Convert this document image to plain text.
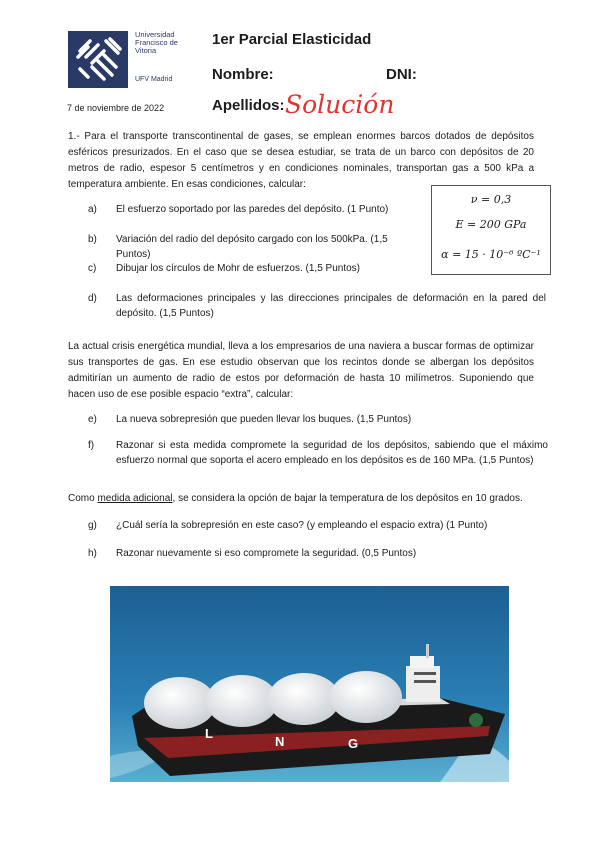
Universidad Francisco de Vitoria
UFV Madrid
1er Parcial Elasticidad
Nombre:	DNI:
Apellidos: Solución
7 de noviembre de 2022
1.- Para el transporte transcontinental de gases, se emplean enormes barcos dotados de depósitos esféricos presurizados. En el caso que se desea estudiar, se trata de un barco con depósitos de 20 metros de radio, espesor 5 centímetros y en condiciones nominales, transportan gas a 500 kPa a temperatura ambiente. En esas condiciones, calcular:
a) El esfuerzo soportado por las paredes del depósito. (1 Punto)
b) Variación del radio del depósito cargado con los 500kPa. (1,5 Puntos)
c) Dibujar los círculos de Mohr de esfuerzos. (1,5 Puntos)
d) Las deformaciones principales y las direcciones principales de deformación en la pared del depósito. (1,5 Puntos)
ν = 0,3
E = 200 GPa
α = 15 · 10⁻⁶ ºC⁻¹
La actual crisis energética mundial, lleva a los empresarios de una naviera a buscar formas de optimizar sus transportes de gas. En ese estudio observan que los recintos donde se albergan los depósitos admitirían un aumento de radio de estos por deformación de hasta 10 milímetros. Suponiendo que hacen uso de ese posible espacio “extra”, calcular:
e) La nueva sobrepresión que pueden llevar los buques. (1,5 Puntos)
f) Razonar si esta medida compromete la seguridad de los depósitos, sabiendo que el máximo esfuerzo normal que soporta el acero empleado en los depósitos es de 160 MPa. (1,5 Puntos)
Como medida adicional, se considera la opción de bajar la temperatura de los depósitos en 10 grados.
g) ¿Cuál sería la sobrepresión en este caso? (y empleando el espacio extra) (1 Punto)
h) Razonar nuevamente si eso compromete la seguridad. (0,5 Puntos)
L
N	G
